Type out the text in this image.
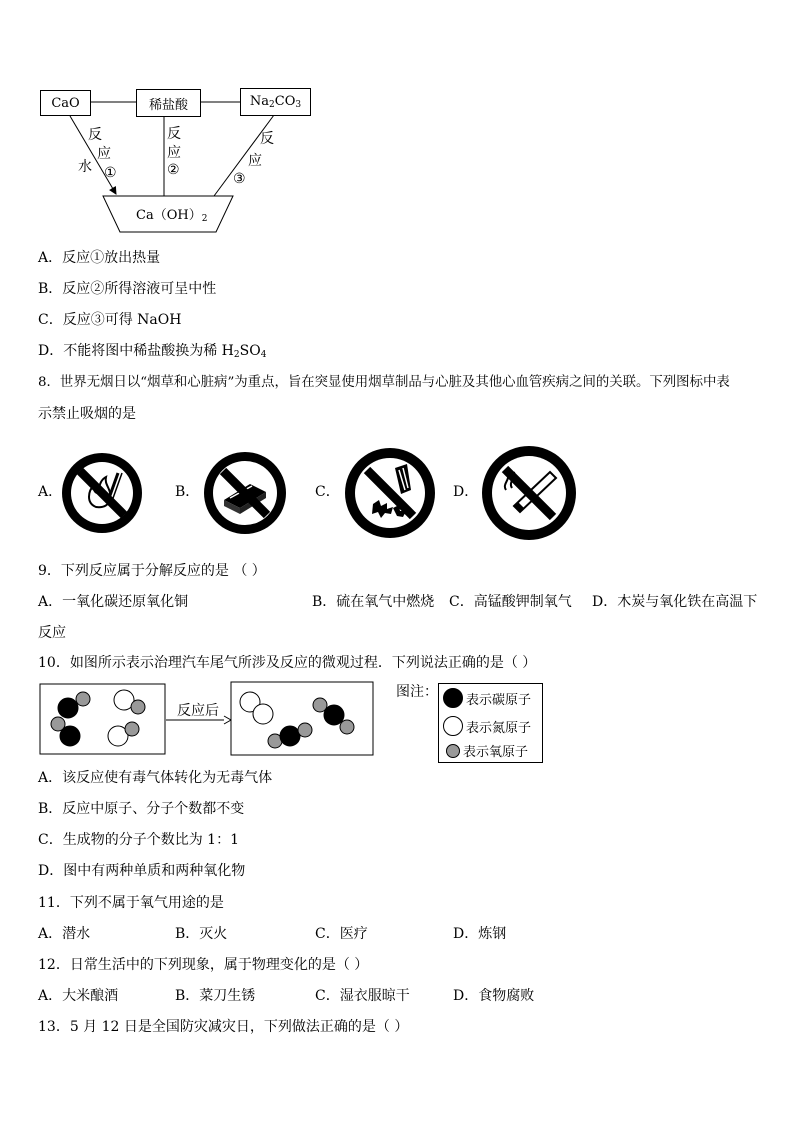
CaO	稀盐酸	$Na_2CO_3$
$Ca(OH)_2$
反
应
水 ①
反
应
②
反
应
③
A．反应①放出热量
B．反应②所得溶液可呈中性
C．反应③可得 NaOH
D．不能将图中稀盐酸换为稀 $H_2SO_4$
8．世界无烟日以“烟草和心脏病”为重点，旨在突显使用烟草制品与心脏及其他心血管疾病之间的关联。下列图标中表
示禁止吸烟的是
A．	B．	C．	D．
9．下列反应属于分解反应的是 （ ）
A．一氧化碳还原氧化铜	B．硫在氧气中燃烧 C．高锰酸钾制氧气 D．木炭与氧化铁在高温下
反应
10．如图所示表示治理汽车尾气所涉及反应的微观过程．下列说法正确的是（ ）
反应后
图注： 表示碳原子
表示氮原子
表示氧原子
A．该反应使有毒气体转化为无毒气体
B．反应中原子、分子个数都不变
C．生成物的分子个数比为 1：1
D．图中有两种单质和两种氧化物
11．下列不属于氧气用途的是
A．潜水	B．灭火	C．医疗	D．炼钢
12．日常生活中的下列现象，属于物理变化的是（ ）
A．大米酿酒	B．菜刀生锈	C．湿衣服晾干	D．食物腐败
13．5 月 12 日是全国防灾减灾日，下列做法正确的是（ ）
